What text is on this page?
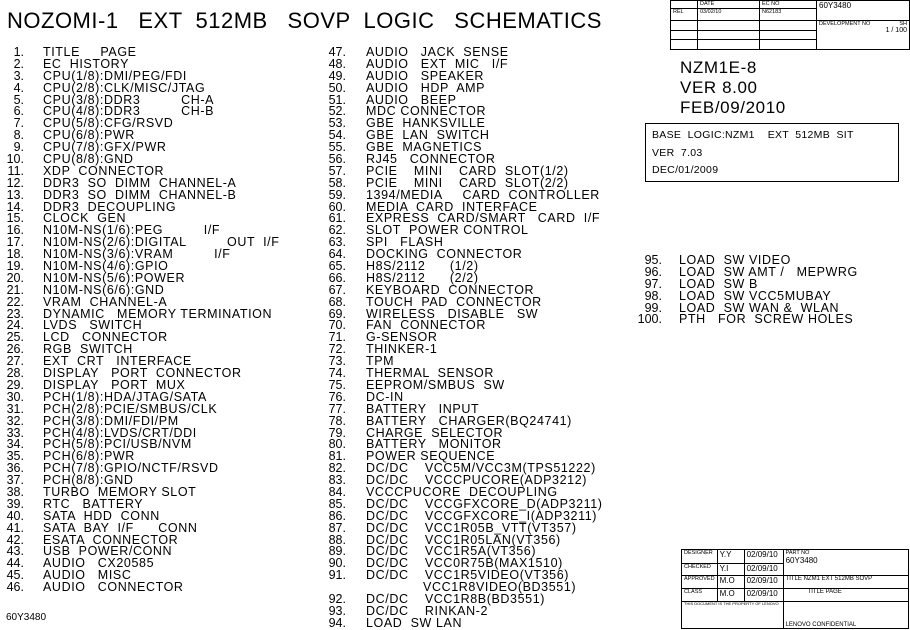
NOZOMI-1   EXT  512MB   SOVP  LOGIC   SCHEMATICS
1. TITLE     PAGE
2. EC  HISTORY
3. CPU(1/8):DMI/PEG/FDI
4. CPU(2/8):CLK/MISC/JTAG
5. CPU(3/8):DDR3          CH-A
6. CPU(4/8):DDR3          CH-B
7. CPU(5/8):CFG/RSVD
8. CPU(6/8):PWR
9. CPU(7/8):GFX/PWR
10. CPU(8/8):GND
11. XDP  CONNECTOR
12. DDR3  SO  DIMM  CHANNEL-A
13. DDR3  SO  DIMM  CHANNEL-B
14. DDR3  DECOUPLING
15. CLOCK  GEN
16. N10M-NS(1/6):PEG          I/F
17. N10M-NS(2/6):DIGITAL          OUT  I/F
18. N10M-NS(3/6):VRAM          I/F
19. N10M-NS(4/6):GPIO
20. N10M-NS(5/6):POWER
21. N10M-NS(6/6):GND
22. VRAM  CHANNEL-A
23. DYNAMIC   MEMORY TERMINATION
24. LVDS   SWITCH
25. LCD   CONNECTOR
26. RGB  SWITCH
27. EXT  CRT   INTERFACE
28. DISPLAY   PORT  CONNECTOR
29. DISPLAY   PORT  MUX
30. PCH(1/8):HDA/JTAG/SATA
31. PCH(2/8):PCIE/SMBUS/CLK
32. PCH(3/8):DMI/FDI/PM
33. PCH(4/8):LVDS/CRT/DDI
34. PCH(5/8):PCI/USB/NVM
35. PCH(6/8):PWR
36. PCH(7/8):GPIO/NCTF/RSVD
37. PCH(8/8):GND
38. TURBO  MEMORY SLOT
39. RTC   BATTERY
40. SATA  HDD  CONN
41. SATA  BAY  I/F      CONN
42. ESATA  CONNECTOR
43. USB  POWER/CONN
44. AUDIO   CX20585
45. AUDIO   MISC
46. AUDIO   CONNECTOR
47. AUDIO   JACK  SENSE
48. AUDIO   EXT  MIC   I/F
49. AUDIO   SPEAKER
50. AUDIO   HDP  AMP
51. AUDIO   BEEP
52. MDC CONNECTOR
53. GBE  HANKSVILLE
54. GBE  LAN  SWITCH
55. GBE  MAGNETICS
56. RJ45   CONNECTOR
57. PCIE    MINI    CARD  SLOT(1/2)
58. PCIE    MINI    CARD  SLOT(2/2)
59. 1394/MEDIA     CARD  CONTROLLER
60. MEDIA  CARD  INTERFACE
61. EXPRESS  CARD/SMART   CARD  I/F
62. SLOT  POWER CONTROL
63. SPI   FLASH
64. DOCKING  CONNECTOR
65. H8S/2112      (1/2)
66. H8S/2112      (2/2)
67. KEYBOARD  CONNECTOR
68. TOUCH  PAD  CONNECTOR
69. WIRELESS   DISABLE   SW
70. FAN  CONNECTOR
71. G-SENSOR
72. THINKER-1
73. TPM
74. THERMAL  SENSOR
75. EEPROM/SMBUS  SW
76. DC-IN
77. BATTERY   INPUT
78. BATTERY   CHARGER(BQ24741)
79. CHARGE  SELECTOR
80. BATTERY   MONITOR
81. POWER SEQUENCE
82. DC/DC    VCC5M/VCC3M(TPS51222)
83. DC/DC    VCCCPUCORE(ADP3212)
84. VCCCPUCORE  DECOUPLING
85. DC/DC    VCCGFXCORE_D(ADP3211)
86. DC/DC    VCCGFXCORE_I(ADP3211)
87. DC/DC    VCC1R05B_VTT(VT357)
88. DC/DC    VCC1R05LAN(VT356)
89. DC/DC    VCC1R5A(VT356)
90. DC/DC    VCC0R75B(MAX1510)
91. DC/DC    VCC1R5VIDEO(VT356)
VCC1R8VIDEO(BD3551)
92. DC/DC    VCC1R8B(BD3551)
93. DC/DC    RINKAN-2
94. LOAD  SW LAN
95. LOAD  SW VIDEO
96. LOAD  SW AMT /   MEPWRG
97. LOAD  SW B
98. LOAD  SW VCC5MUBAY
99. LOAD  SW WAN &  WLAN
100. PTH   FOR  SCREW HOLES
	DATE	EC NO	60Y3480
REL	03/02/10	N62183	
			DEVELOPMENT NO SH

1 / 100

NZM1E-8
VER 8.00
FEB/09/2010
BASE  LOGIC:NZM1    EXT  512MB  SIT
VER  7.03
DEC/01/2009
60Y3480
DESIGNER	Y.Y	02/09/10	PART NO
60Y3480
CHECKED	Y.I	02/09/10	
APPROVED	M.O	02/09/10	TITLE NZM1 EXT 512MB SOVP
CLASS	M.O	02/09/10	TITLE PAGE
THIS DOCUMENT IS THE PROPERTY OF LENOVO			LENOVO CONFIDENTIAL
